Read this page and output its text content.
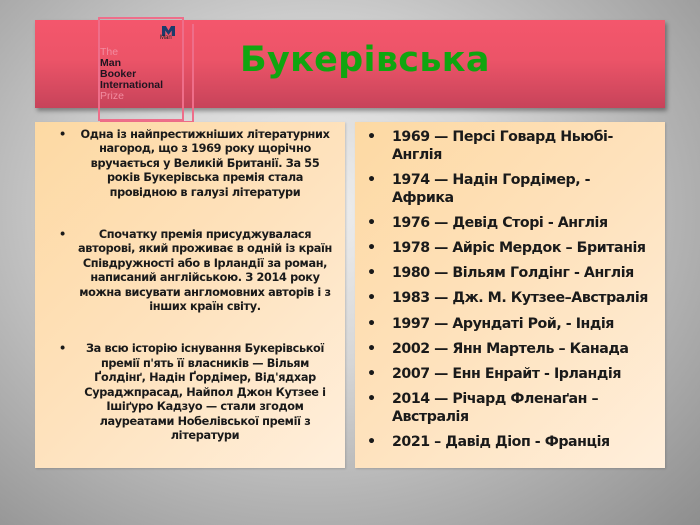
Man
The
Man
Booker
International
Prize
Букерівська
• Одна із найпрестижніших літературних нагород, що з 1969 року щорічно вручається у Великій Британії. За 55 років Букерівська премія стала провідною в галузі літератури
•	Спочатку премія присуджувалася авторові, який проживає в одній із країн Співдружності або в Ірландії за роман, написаний англійською. З 2014 року можна висувати англомовних авторів і з інших країн світу.
• За всю історію існування Букерівської премії п'ять її власників — Вільям Ґолдінґ, Надін Ґордімер, Від'ядхар Сураджпрасад, Найпол Джон Кутзее і Ішіґуро Кадзуо — стали згодом лауреатами Нобелівської премії з літератури
• 1969 — Персі Говард Ньюбі- Англія
• 1974 — Надін Гордімер, - Африка
• 1976 — Девід Сторі - Англія
• 1978 — Айріс Мердок – Британія
• 1980 — Вільям Голдінг - Англія
• 1983 — Дж. М. Кутзее–Австралія
• 1997 — Арундаті Рой, - Індія
• 2002 — Янн Мартель – Канада
• 2007 — Енн Енрайт - Ірландія
• 2014 — Річард Фленаґан – Австралія
• 2021 – Давід Діоп - Франція
